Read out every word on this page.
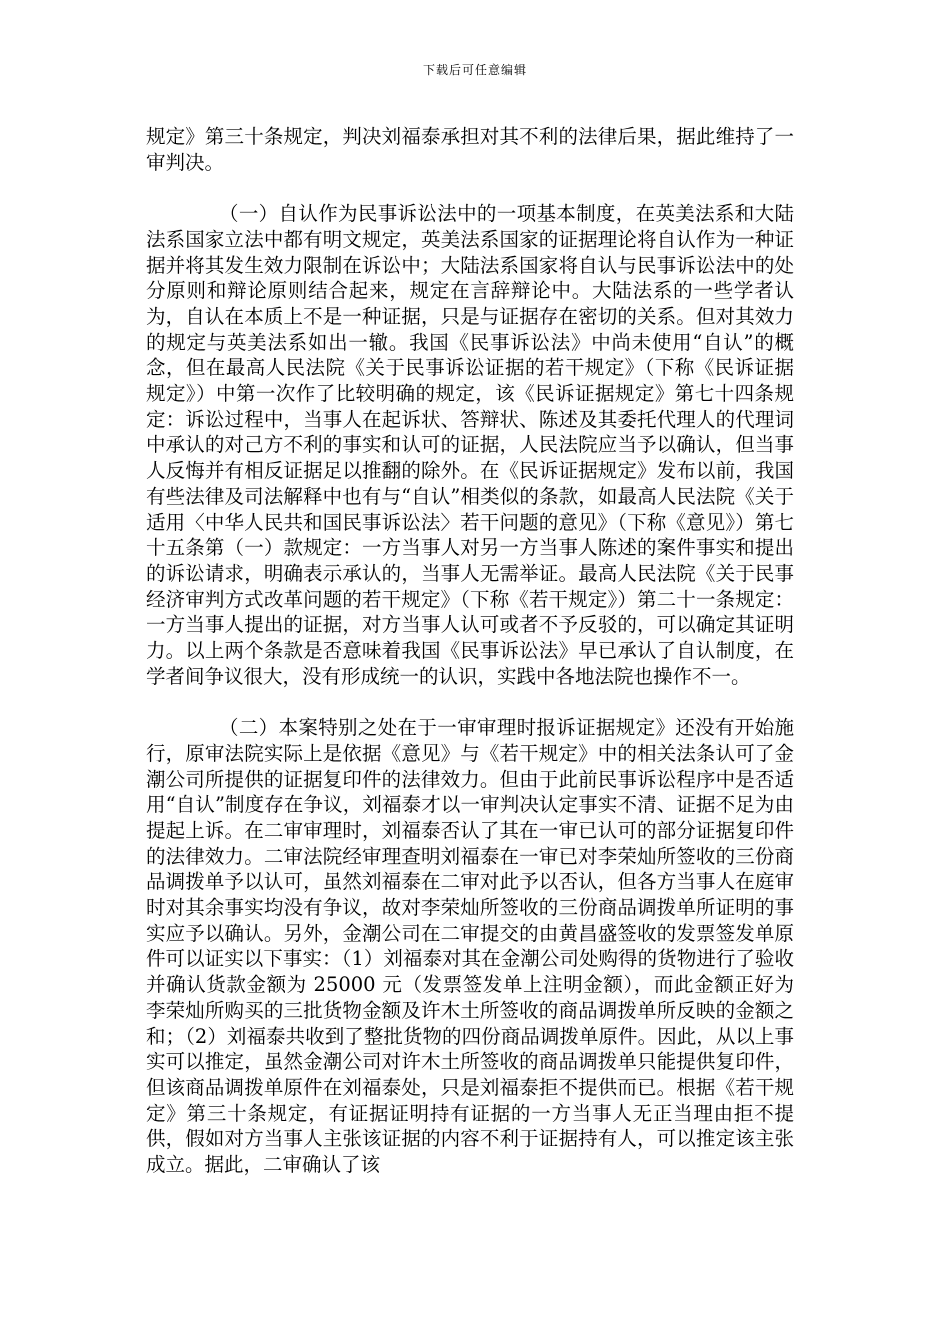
下载后可任意编辑

规定》第三十条规定，判决刘福泰承担对其不利的法律后果，据此维持了一审判决。

（一）自认作为民事诉讼法中的一项基本制度，在英美法系和大陆法系国家立法中都有明文规定，英美法系国家的证据理论将自认作为一种证据并将其发生效力限制在诉讼中；大陆法系国家将自认与民事诉讼法中的处分原则和辩论原则结合起来，规定在言辞辩论中。大陆法系的一些学者认为，自认在本质上不是一种证据，只是与证据存在密切的关系。但对其效力的规定与英美法系如出一辙。我国《民事诉讼法》中尚未使用“自认”的概念，但在最高人民法院《关于民事诉讼证据的若干规定》（下称《民诉证据规定》）中第一次作了比较明确的规定，该《民诉证据规定》第七十四条规定：诉讼过程中，当事人在起诉状、答辩状、陈述及其委托代理人的代理词中承认的对己方不利的事实和认可的证据，人民法院应当予以确认，但当事人反悔并有相反证据足以推翻的除外。在《民诉证据规定》发布以前，我国有些法律及司法解释中也有与“自认”相类似的条款，如最高人民法院《关于适用〈中华人民共和国民事诉讼法〉若干问题的意见》（下称《意见》）第七十五条第（一）款规定：一方当事人对另一方当事人陈述的案件事实和提出的诉讼请求，明确表示承认的，当事人无需举证。最高人民法院《关于民事经济审判方式改革问题的若干规定》（下称《若干规定》）第二十一条规定：一方当事人提出的证据，对方当事人认可或者不予反驳的，可以确定其证明力。以上两个条款是否意味着我国《民事诉讼法》早已承认了自认制度，在学者间争议很大，没有形成统一的认识，实践中各地法院也操作不一。

（二）本案特别之处在于一审审理时报诉证据规定》还没有开始施行，原审法院实际上是依据《意见》与《若干规定》中的相关法条认可了金潮公司所提供的证据复印件的法律效力。但由于此前民事诉讼程序中是否适用“自认”制度存在争议，刘福泰才以一审判决认定事实不清、证据不足为由提起上诉。在二审审理时，刘福泰否认了其在一审已认可的部分证据复印件的法律效力。二审法院经审理查明刘福泰在一审已对李荣灿所签收的三份商品调拨单予以认可，虽然刘福泰在二审对此予以否认，但各方当事人在庭审时对其余事实均没有争议，故对李荣灿所签收的三份商品调拨单所证明的事实应予以确认。另外，金潮公司在二审提交的由黄昌盛签收的发票签发单原件可以证实以下事实：（1）刘福泰对其在金潮公司处购得的货物进行了验收并确认货款金额为 25000 元（发票签发单上注明金额），而此金额正好为李荣灿所购买的三批货物金额及许木土所签收的商品调拨单所反映的金额之和；（2）刘福泰共收到了整批货物的四份商品调拨单原件。因此，从以上事实可以推定，虽然金潮公司对许木土所签收的商品调拨单只能提供复印件，但该商品调拨单原件在刘福泰处，只是刘福泰拒不提供而已。根据《若干规定》第三十条规定，有证据证明持有证据的一方当事人无正当理由拒不提供，假如对方当事人主张该证据的内容不利于证据持有人，可以推定该主张成立。据此，二审确认了该
